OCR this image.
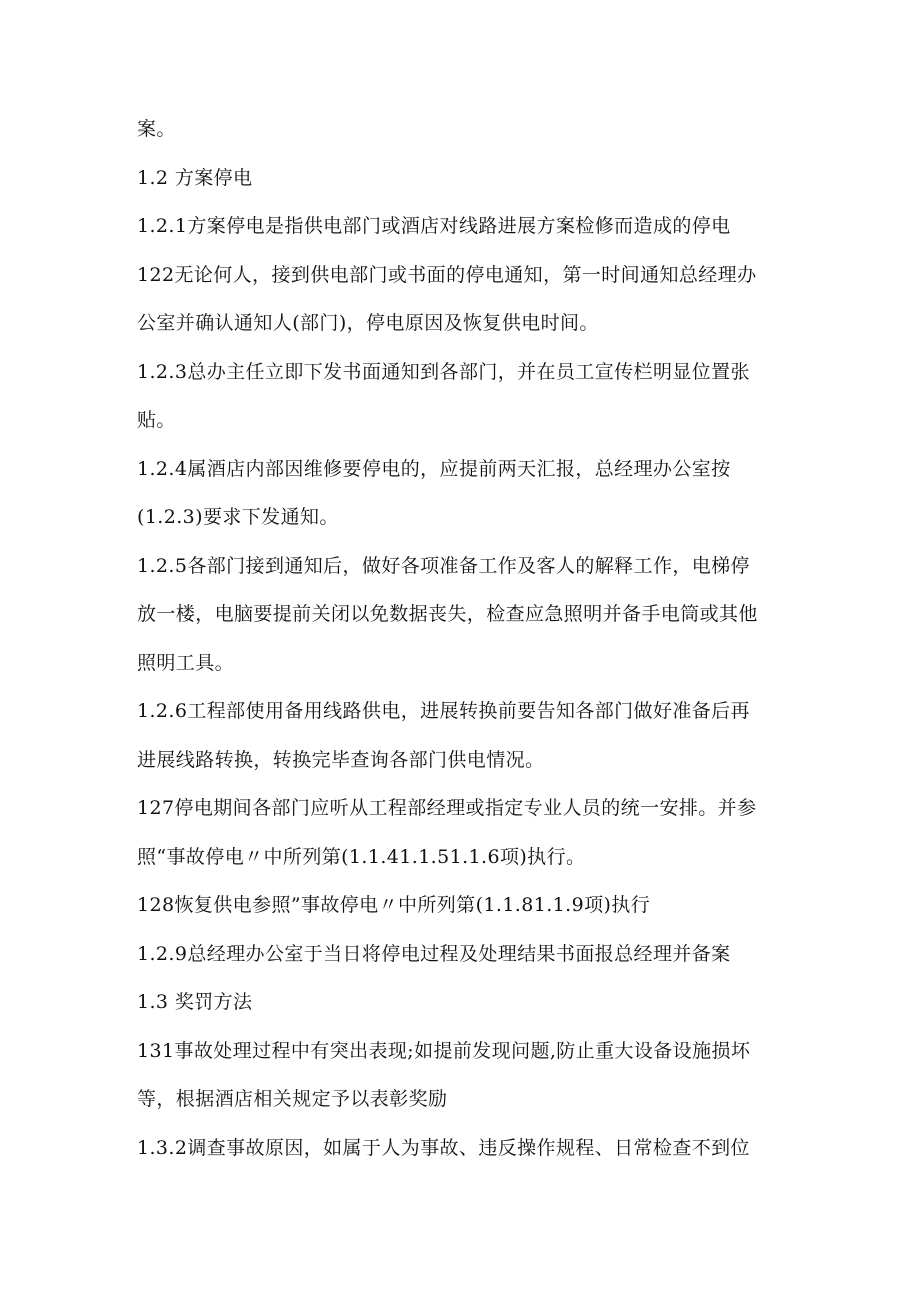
案。
1.2 方案停电
1.2.1方案停电是指供电部门或酒店对线路进展方案检修而造成的停电
122无论何人，接到供电部门或书面的停电通知，第一时间通知总经理办
公室并确认通知人(部门)，停电原因及恢复供电时间。
1.2.3总办主任立即下发书面通知到各部门，并在员工宣传栏明显位置张
贴。
1.2.4属酒店内部因维修要停电的，应提前两天汇报，总经理办公室按
(1.2.3)要求下发通知。
1.2.5各部门接到通知后，做好各项准备工作及客人的解释工作，电梯停
放一楼，电脑要提前关闭以免数据丧失，检查应急照明并备手电筒或其他
照明工具。
1.2.6工程部使用备用线路供电，进展转换前要告知各部门做好准备后再
进展线路转换，转换完毕查询各部门供电情况。
127停电期间各部门应听从工程部经理或指定专业人员的统一安排。并参
照“事故停电〃中所列第(1.1.41.1.51.1.6项)执行。
128恢复供电参照”事故停电〃中所列第(1.1.81.1.9项)执行
1.2.9总经理办公室于当日将停电过程及处理结果书面报总经理并备案
1.3 奖罚方法
131事故处理过程中有突出表现;如提前发现问题,防止重大设备设施损坏
等，根据酒店相关规定予以表彰奖励
1.3.2调查事故原因，如属于人为事故、违反操作规程、日常检查不到位
